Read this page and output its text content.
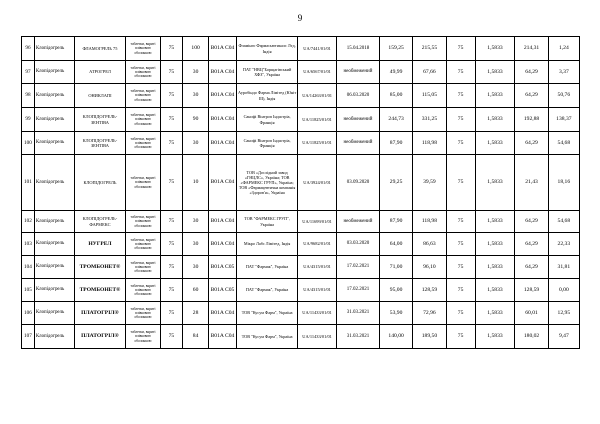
9
96	Клопідогрель	ФЛАМОГРЕЛЬ 75	таблетки, вкриті плівковою оболонкою	75	100	B01A C04	Фламінго Фармасьютикалс Лтд, Індія	UA/7441/01/01	15.04.2018	159,25	215,55	75	1,5833	214,31	1,24
97	Клопідогрель	АТРОГРЕЛ	таблетки, вкриті плівковою оболонкою	75	30	B01A C04	ПАТ "НВЦ"Борщагівський ХФЗ", Україна	UA/6567/01/01	необмежений	49,99	67,66	75	1,5833	64,29	3,37
98	Клопідогрель	ОНИКЛАПІ	таблетки, вкриті плівковою оболонкою	75	30	B01A C04	Ауробіндо Фарма Лімітед (Юніт III), Індія	UA/14263/01/01	06.03.2020	85,00	115,05	75	1,5833	64,29	50,76
99	Клопідогрель	КЛОПІДОГРЕЛЬ-ЗЕНТІВА	таблетки, вкриті плівковою оболонкою	75	90	B01A C04	Санофі Вінтроп Індастріа, Франція	UA/11825/01/01	необмежений	244,73	331,25	75	1,5833	192,88	138,37
100	Клопідогрель	КЛОПІДОГРЕЛЬ-ЗЕНТІВА	таблетки, вкриті плівковою оболонкою	75	30	B01A C04	Санофі Вінтроп Індастріа, Франція	UA/11825/01/01	необмежений	87,90	118,98	75	1,5833	64,29	54,68
101	Клопідогрель	КЛОПІДОГРЕЛЬ	таблетки, вкриті плівковою оболонкою	75	10	B01A C04	ТОВ «Дослідний завод «ГНЦЛС», Україна; ТОВ «ФАРМЕКС ГРУП», Україна; ТОВ «Фармацевтична компанія «Здоров'я», Україна	UA/3924/01/01	03.09.2020	29,25	39,59	75	1,5833	21,43	18,16
102	Клопідогрель	КЛОПІДОГРЕЛЬ-ФАРМЕКС	таблетки, вкриті плівковою оболонкою	75	30	B01A C04	ТОВ "ФАРМЕКС ГРУП", Україна	UA/11699/01/01	необмежений	87,90	118,98	75	1,5833	64,29	54,68
103	Клопідогрель	НУГРЕЛ	таблетки, вкриті плівковою оболонкою	75	30	B01A C04	Мікро Лабс Лімітед, Індія	UA/9682/01/01	03.03.2020	64,00	86,63	75	1,5833	64,29	22,33
104	Клопідогрель	ТРОМБОНЕТ®	таблетки, вкриті плівковою оболонкою	75	30	B01A C05	ПАТ "Фармак", Україна	UA/4315/01/01	17.02.2021	71,00	96,10	75	1,5833	64,29	31,81
105	Клопідогрель	ТРОМБОНЕТ®	таблетки, вкриті плівковою оболонкою	75	60	B01A C05	ПАТ "Фармак", Україна	UA/4315/01/01	17.02.2021	95,00	128,59	75	1,5833	128,59	0,00
106	Клопідогрель	ПЛАТОГРІЛ®	таблетки, вкриті плівковою оболонкою	75	28	B01A C04	ТОВ "Кусум Фарм", Україна	UA/11433/01/01	31.03.2021	53,90	72,96	75	1,5833	60,01	12,95
107	Клопідогрель	ПЛАТОГРІЛ®	таблетки, вкриті плівковою оболонкою	75	84	B01A C04	ТОВ "Кусум Фарм", Україна	UA/11433/01/01	31.03.2021	140,00	189,50	75	1,5833	180,02	9,47
